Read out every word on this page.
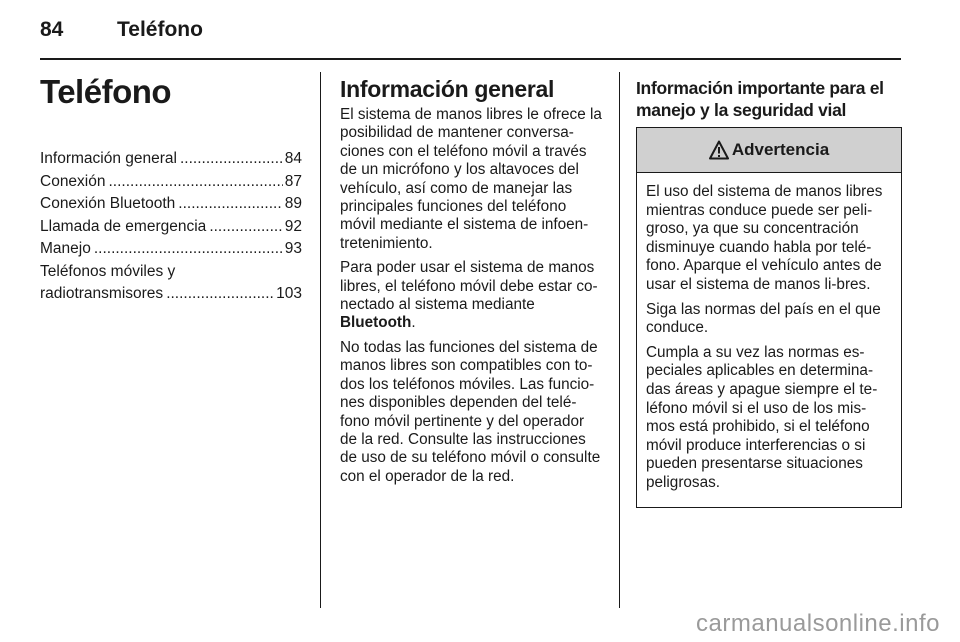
84	Teléfono
Teléfono
Información general .....	84
Conexión .....	87
Conexión Bluetooth .....	89
Llamada de emergencia .....	92
Manejo .....	93
Teléfonos móviles y
radiotransmisores .....	103
Información general

El sistema de manos libres le ofrece la posibilidad de mantener conversa-ciones con el teléfono móvil a través de un micrófono y los altavoces del vehículo, así como de manejar las principales funciones del teléfono móvil mediante el sistema de infoen-tretenimiento.

Para poder usar el sistema de manos libres, el teléfono móvil debe estar co-nectado al sistema mediante Bluetooth.

No todas las funciones del sistema de manos libres son compatibles con to-dos los teléfonos móviles. Las funcio-nes disponibles dependen del telé-fono móvil pertinente y del operador de la red. Consulte las instrucciones de uso de su teléfono móvil o consulte con el operador de la red.

Información importante para el manejo y la seguridad vial
Advertencia

El uso del sistema de manos libres mientras conduce puede ser peli-groso, ya que su concentración disminuye cuando habla por telé-fono. Aparque el vehículo antes de usar el sistema de manos li-bres.

Siga las normas del país en el que conduce.

Cumpla a su vez las normas es-peciales aplicables en determina-das áreas y apague siempre el te-léfono móvil si el uso de los mis-mos está prohibido, si el teléfono móvil produce interferencias o si pueden presentarse situaciones peligrosas.

carmanualsonline.info
